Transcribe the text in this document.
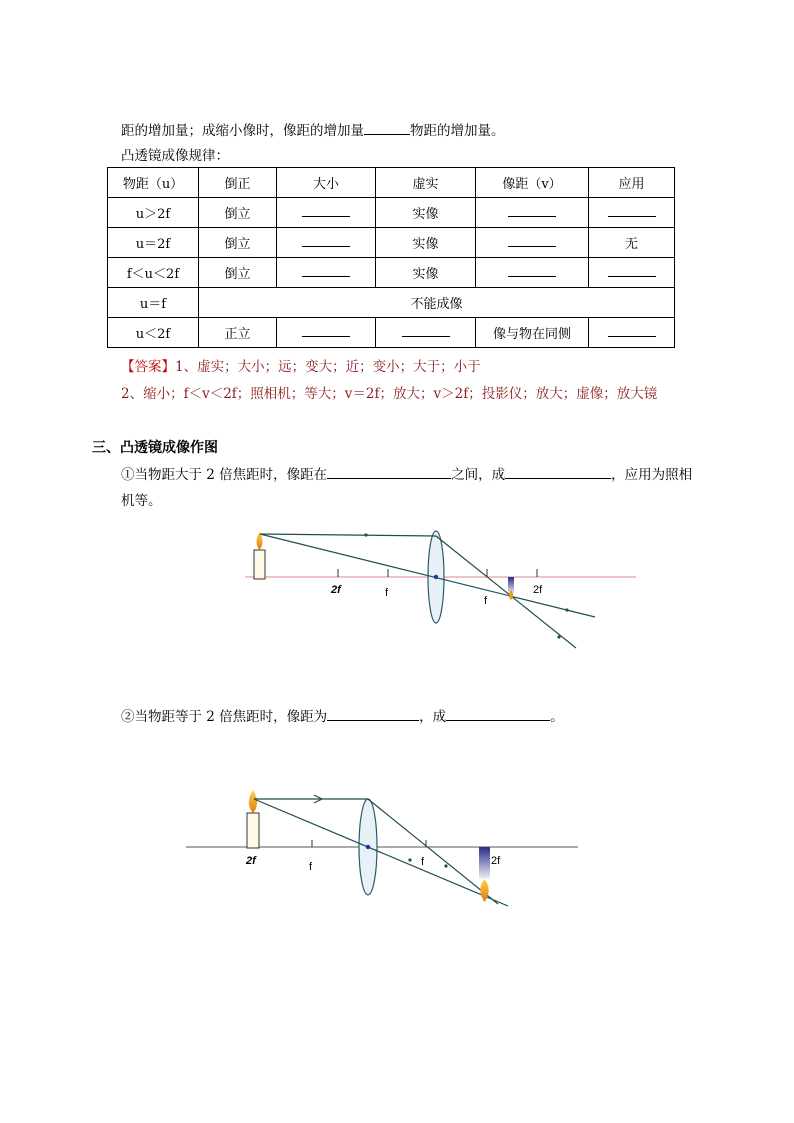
距的增加量；成缩小像时，像距的增加量	物距的增加量。
凸透镜成像规律：
物距（u）	倒正	大小	虚实	像距（v）	应用
u＞2f	倒立		实像		
u＝2f	倒立		实像		无
f＜u＜2f	倒立		实像		
u＝f	不能成像				
u＜2f	正立			像与物在同侧	
【答案】1、虚实；大小；远；变大；近；变小；大于；小于
2、缩小；f＜v＜2f；照相机；等大；v＝2f；放大；v＞2f；投影仪；放大；虚像；放大镜
三、凸透镜成像作图
①当物距大于 2 倍焦距时，像距在	之间，成	，应用为照相
机等。
2f	f
f
2f
②当物距等于 2 倍焦距时，像距为	，成	。
2f	f	f	2f
